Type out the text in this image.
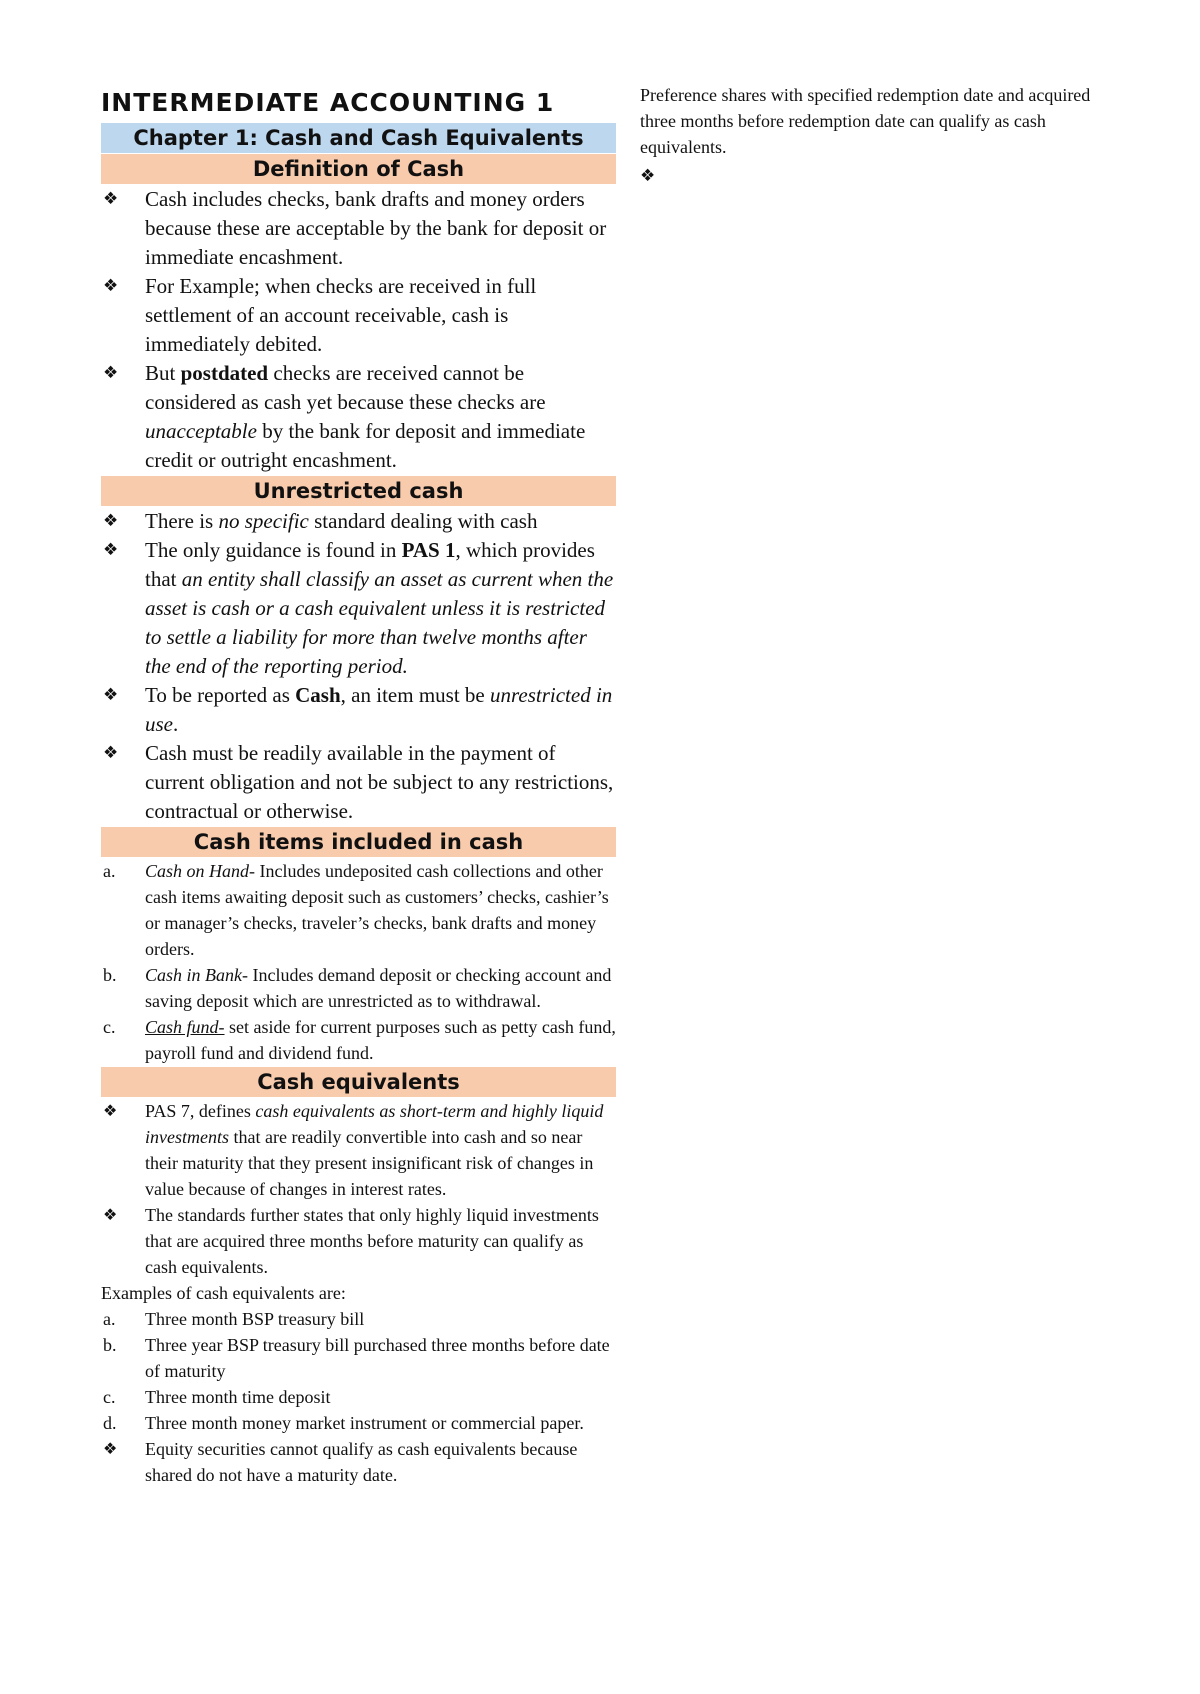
INTERMEDIATE ACCOUNTING 1
Chapter 1: Cash and Cash Equivalents
Definition of Cash
❖ Cash includes checks, bank drafts and money orders because these are acceptable by the bank for deposit or immediate encashment.
❖ For Example; when checks are received in full settlement of an account receivable, cash is immediately debited.
❖ But postdated checks are received cannot be considered as cash yet because these checks are unacceptable by the bank for deposit and immediate credit or outright encashment.
Unrestricted cash
❖ There is no specific standard dealing with cash
❖ The only guidance is found in PAS 1, which provides that an entity shall classify an asset as current when the asset is cash or a cash equivalent unless it is restricted to settle a liability for more than twelve months after the end of the reporting period.
❖ To be reported as Cash, an item must be unrestricted in use.
❖ Cash must be readily available in the payment of current obligation and not be subject to any restrictions, contractual or otherwise.
Cash items included in cash
a. Cash on Hand- Includes undeposited cash collections and other cash items awaiting deposit such as customers’ checks, cashier’s or manager’s checks, traveler’s checks, bank drafts and money orders.
b. Cash in Bank- Includes demand deposit or checking account and saving deposit which are unrestricted as to withdrawal.
c. Cash fund- set aside for current purposes such as petty cash fund, payroll fund and dividend fund.
Cash equivalents
❖ PAS 7, defines cash equivalents as short-term and highly liquid investments that are readily convertible into cash and so near their maturity that they present insignificant risk of changes in value because of changes in interest rates.
❖ The standards further states that only highly liquid investments that are acquired three months before maturity can qualify as cash equivalents.
Examples of cash equivalents are:
a. Three month BSP treasury bill
b. Three year BSP treasury bill purchased three months before date of maturity
c. Three month time deposit
d. Three month money market instrument or commercial paper.
❖ Equity securities cannot qualify as cash equivalents because shared do not have a maturity date.
Preference shares with specified redemption date and acquired three months before redemption date can qualify as cash equivalents.
❖
